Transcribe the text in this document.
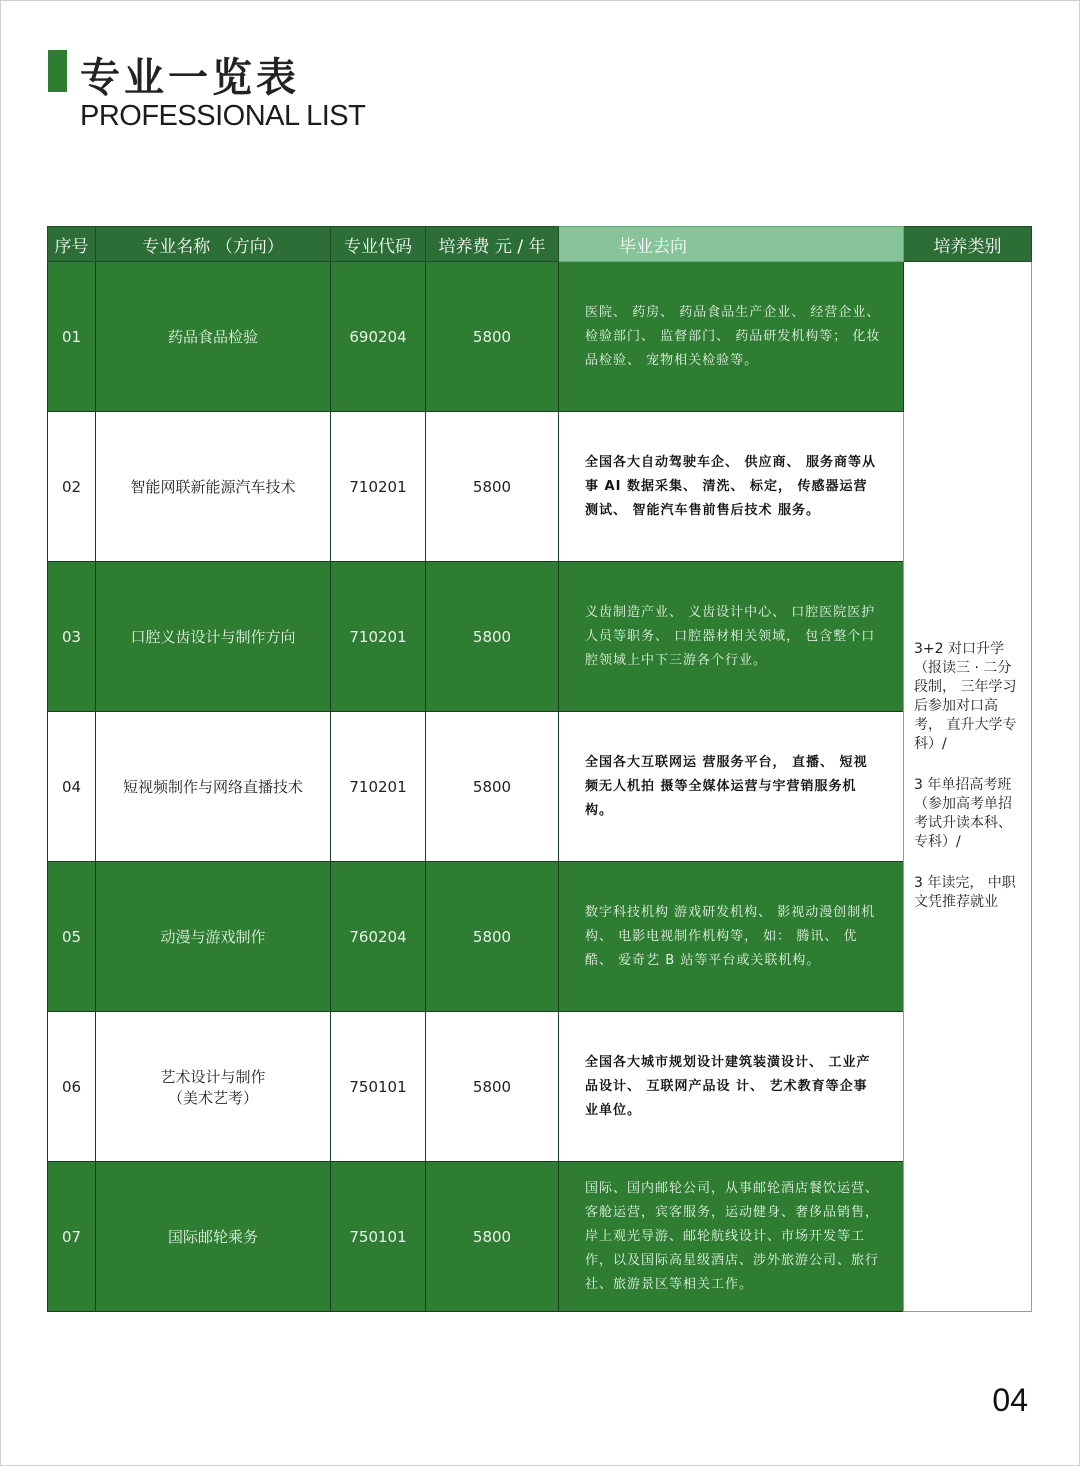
专业一览表
PROFESSIONAL LIST
序号	专业名称 （方向）	专业代码	培养费 元 / 年	毕业去向	培养类别
01	药品食品检验	690204	5800	医院、 药房、 药品食品生产企业、 经营企业、 检验部门、 监督部门、 药品研发机构等； 化妆品检验、 宠物相关检验等。	3+2 对口升学（报读三 · 二分段制， 三年学习后参加对口高考， 直升大学专科）/

3 年单招高考班（参加高考单招考试升读本科、专科）/

3 年读完， 中职文凭推荐就业

02	智能网联新能源汽车技术	710201	5800	全国各大自动驾驶车企、 供应商、 服务商等从事 AI 数据采集、 清洗、 标定， 传感器运营测试、 智能汽车售前售后技术 服务。	
03	口腔义齿设计与制作方向	710201	5800	义齿制造产业、 义齿设计中心、 口腔医院医护人员等职务、 口腔器材相关领域， 包含整个口腔领域上中下三游各个行业。	
04	短视频制作与网络直播技术	710201	5800	全国各大互联网运 营服务平台， 直播、 短视频无人机拍 摄等全媒体运营与宇营销服务机构。	
05	动漫与游戏制作	760204	5800	数字科技机构 游戏研发机构、 影视动漫创制机构、 电影电视制作机构等， 如： 腾讯、 优酷、 爱奇艺 B 站等平台或关联机构。	
06	艺术设计与制作
（美术艺考）	750101	5800	全国各大城市规划设计建筑装潢设计、 工业产品设计、 互联网产品设 计、 艺术教育等企事业单位。	
07	国际邮轮乘务	750101	5800	国际、国内邮轮公司，从事邮轮酒店餐饮运营、客舱运营，宾客服务，运动健身、奢侈品销售，岸上观光导游、邮轮航线设计、市场开发等工作，以及国际高星级酒店、涉外旅游公司、旅行社、旅游景区等相关工作。	
04
